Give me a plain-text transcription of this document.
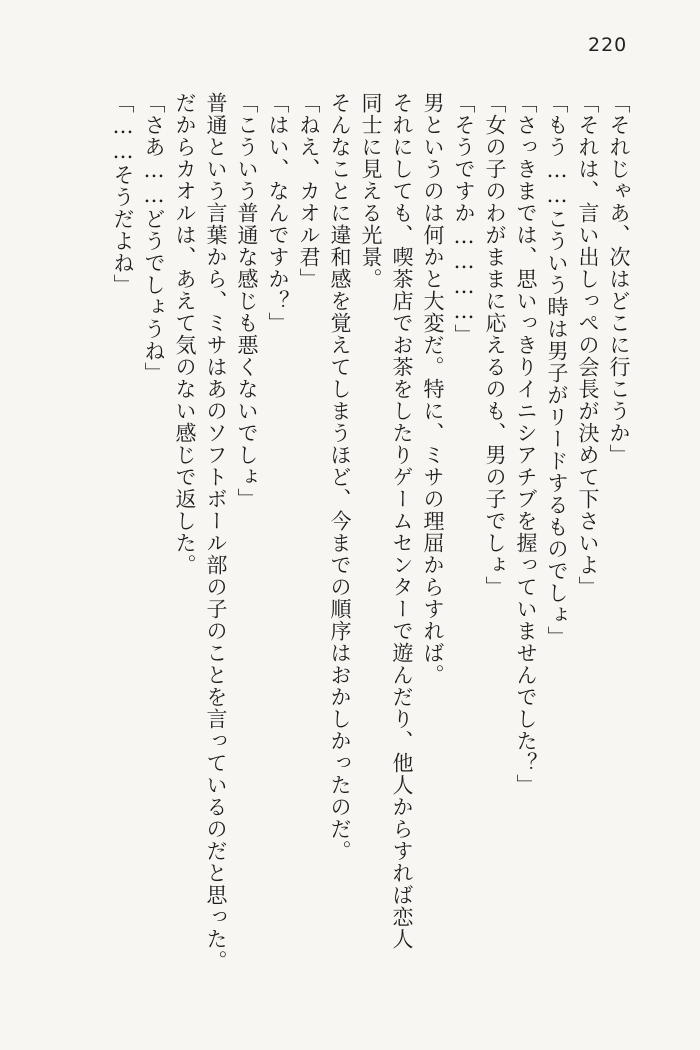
220

「それじゃあ、次はどこに行こうか」

「それは、言い出しっぺの会長が決めて下さいよ」

「もう……こういう時は男子がリードするものでしょ」

「さっきまでは、思いっきりイニシアチブを握っていませんでした？」

「女の子のわがままに応えるのも、男の子でしょ」

「そうですか…………」

男というのは何かと大変だ。特に、ミサの理屈からすれば。

それにしても、喫茶店でお茶をしたりゲームセンターで遊んだり、他人からすれば恋人

同士に見える光景。

そんなことに違和感を覚えてしまうほど、今までの順序はおかしかったのだ。

「ねえ、カオル君」

「はい、なんですか？」

「こういう普通な感じも悪くないでしょ」

普通という言葉から、ミサはあのソフトボール部の子のことを言っているのだと思った。

だからカオルは、あえて気のない感じで返した。

「さあ……どうでしょうね」

「……そうだよね」
